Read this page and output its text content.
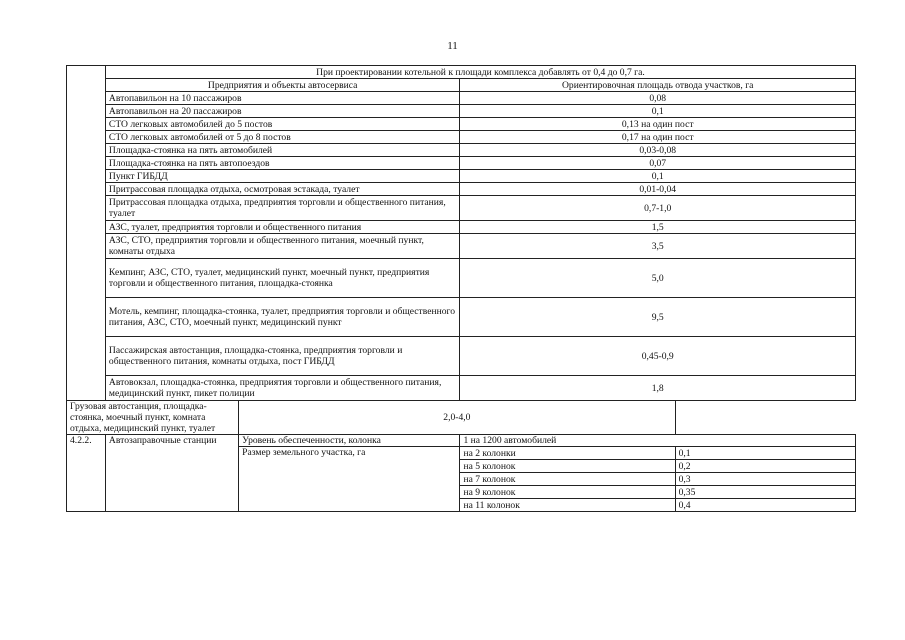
11
	При проектировании котельной к площади комплекса добавлять от 0,4 до 0,7 га.			
	Предприятия и объекты автосервиса		Ориентировочная площадь отвода участков, га	
	Автопавильон на 10 пассажиров		0,08	
	Автопавильон на 20 пассажиров		0,1	
	СТО легковых автомобилей до 5 постов		0,13 на один пост	
	СТО легковых автомобилей от 5 до 8 постов		0,17 на один пост	
	Площадка-стоянка на пять автомобилей		0,03-0,08	
	Площадка-стоянка на пять автопоездов		0,07	
	Пункт ГИБДД		0,1	
	Притрассовая площадка отдыха, осмотровая эстакада, туалет		0,01-0,04	
	Притрассовая площадка отдыха, предприятия торговли и общественного питания, туалет		0,7-1,0	
	АЗС, туалет, предприятия торговли и общественного питания		1,5	
	АЗС, СТО, предприятия торговли и общественного питания, моечный пункт, комнаты отдыха		3,5	
	Кемпинг, АЗС, СТО, туалет, медицинский пункт, моечный пункт, предприятия торговли и общественного питания, площадка-стоянка		5,0	
	Мотель, кемпинг, площадка-стоянка, туалет, предприятия торговли и общественного питания, АЗС, СТО, моечный пункт, медицинский пункт		9,5	
	Пассажирская автостанция, площадка-стоянка, предприятия торговли и общественного питания, комнаты отдыха, пост ГИБДД		0,45-0,9	
	Автовокзал, площадка-стоянка, предприятия торговли и общественного питания, медицинский пункт, пикет полиции		1,8	
Грузовая автостанция, площадка-стоянка, моечный пункт, комната отдыха, медицинский пункт, туалет		2,0-4,0		
4.2.2.	Автозаправочные станции	Уровень обеспеченности, колонка	1 на 1200 автомобилей	
		Размер земельного участка, га	на 2 колонки	0,1
			на 5 колонок	0,2
			на 7 колонок	0,3
			на 9 колонок	0,35
			на 11 колонок	0,4
